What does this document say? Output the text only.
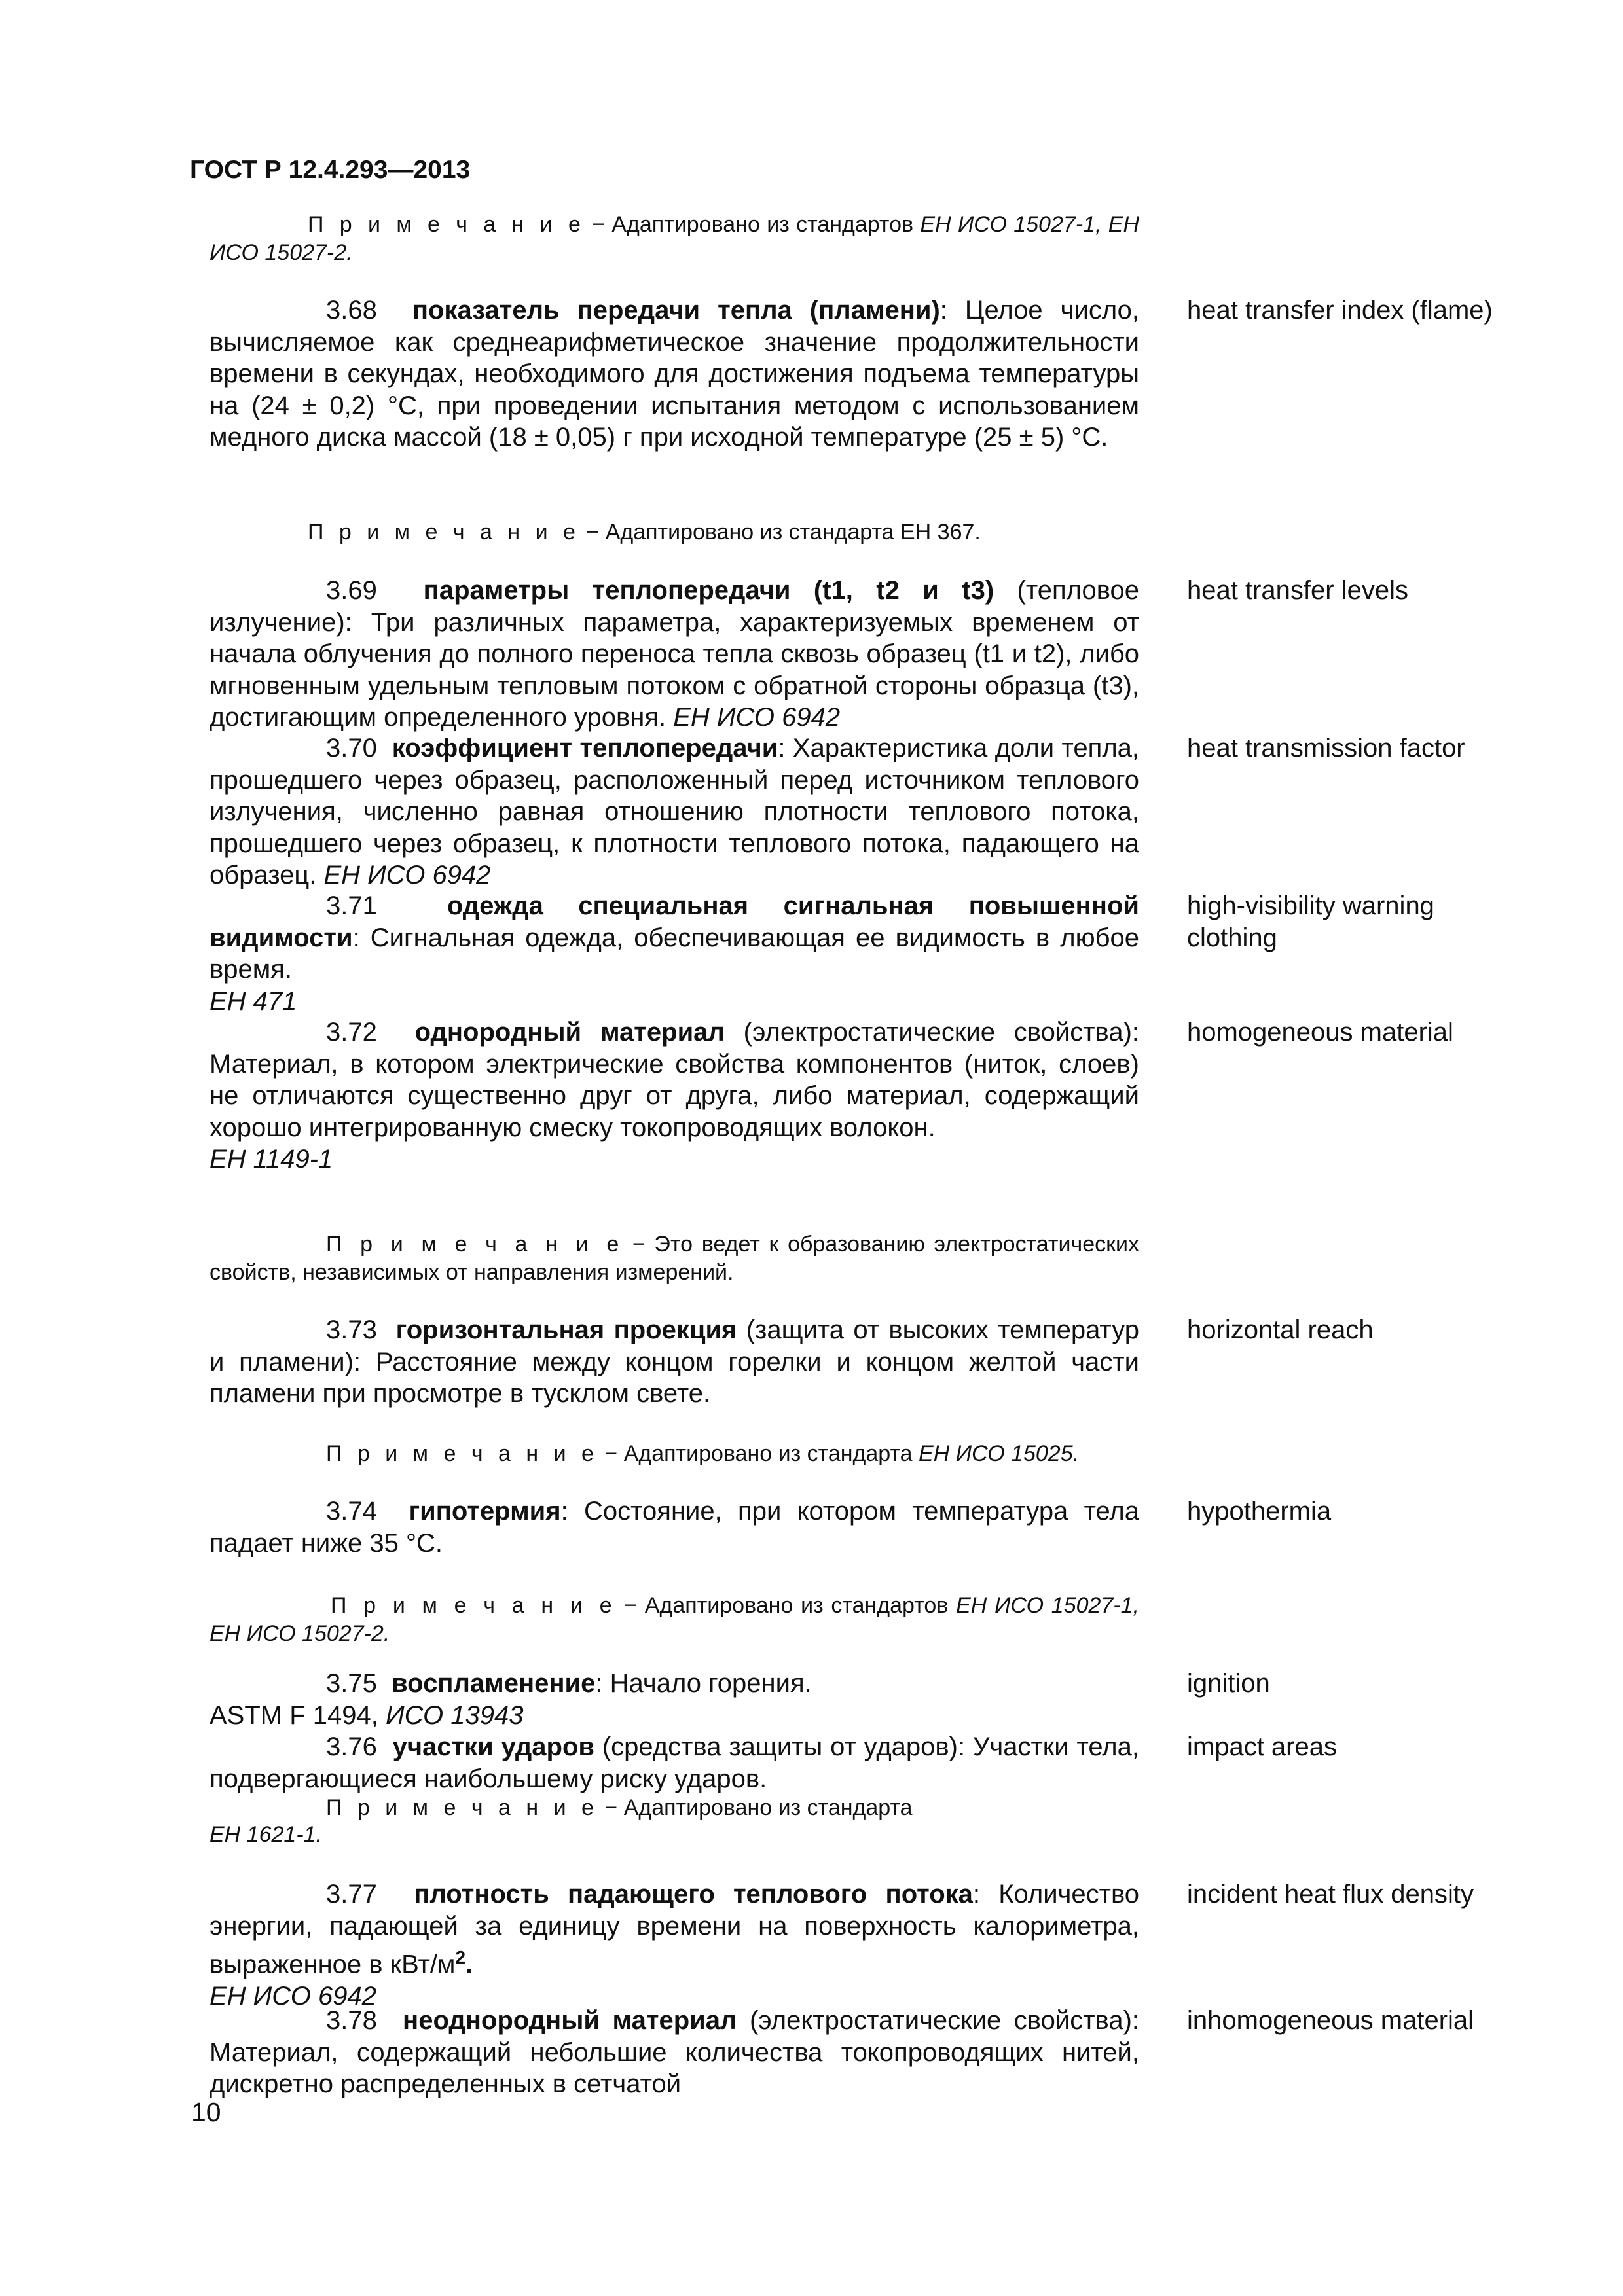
ГОСТ Р 12.4.293—2013
П р и м е ч а н и е − Адаптировано из стандартов ЕН ИСО 15027-1, ЕН ИСО 15027-2.
3.68 показатель передачи тепла (пламени): Целое число, вычисляемое как среднеарифметическое значение продолжительности времени в секундах, необходимого для достижения подъема температуры на (24 ± 0,2) °С, при проведении испытания методом с использованием медного диска массой (18 ± 0,05) г при исходной температуре (25 ± 5) °С.
heat transfer index (flame)
П р и м е ч а н и е − Адаптировано из стандарта ЕН 367.
3.69 параметры теплопередачи (t1, t2 и t3) (тепловое излучение): Три различных параметра, характеризуемых временем от начала облучения до полного переноса тепла сквозь образец (t1 и t2), либо мгновенным удельным тепловым потоком с обратной стороны образца (t3), достигающим определенного уровня. ЕН ИСО 6942
heat transfer levels
3.70 коэффициент теплопередачи: Характеристика доли тепла, прошедшего через образец, расположенный перед источником теплового излучения, численно равная отношению плотности теплового потока, прошедшего через образец, к плотности теплового потока, падающего на образец. ЕН ИСО 6942
heat transmission factor
3.71	одежда специальная сигнальная повышенной видимости: Сигнальная одежда, обеспечивающая ее видимость в любое время.
ЕН 471
high-visibility warning clothing
3.72 однородный материал (электростатические свойства): Материал, в котором электрические свойства компонентов (ниток, слоев) не отличаются существенно друг от друга, либо материал, содержащий хорошо интегрированную смеску токопроводящих волокон.
ЕН 1149-1
homogeneous material
П р и м е ч а н и е − Это ведет к образованию электростатических свойств, независимых от направления измерений.
3.73 горизонтальная проекция (защита от высоких температур и пламени): Расстояние между концом горелки и концом желтой части пламени при просмотре в тусклом свете.
horizontal reach
П р и м е ч а н и е − Адаптировано из стандарта ЕН ИСО 15025.
3.74 гипотермия: Состояние, при котором температура тела падает ниже 35 °С.
hypothermia
П р и м е ч а н и е − Адаптировано из стандартов ЕН ИСО 15027-1, ЕН ИСО 15027-2.
3.75 воспламенение: Начало горения.
ASTM F 1494, ИСО 13943
ignition
3.76 участки ударов (средства защиты от ударов): Участки тела, подвергающиеся наибольшему риску ударов.
impact areas
П р и м е ч а н и е − Адаптировано из стандарта
ЕН 1621-1.
3.77 плотность падающего теплового потока: Количество энергии, падающей за единицу времени на поверхность калориметра, выраженное в кВт/$м^2$.
ЕН ИСО 6942
incident heat flux density
3.78 неоднородный материал (электростатические свойства): Материал, содержащий небольшие количества токопроводящих нитей, дискретно распределенных в сетчатой
inhomogeneous material
10
